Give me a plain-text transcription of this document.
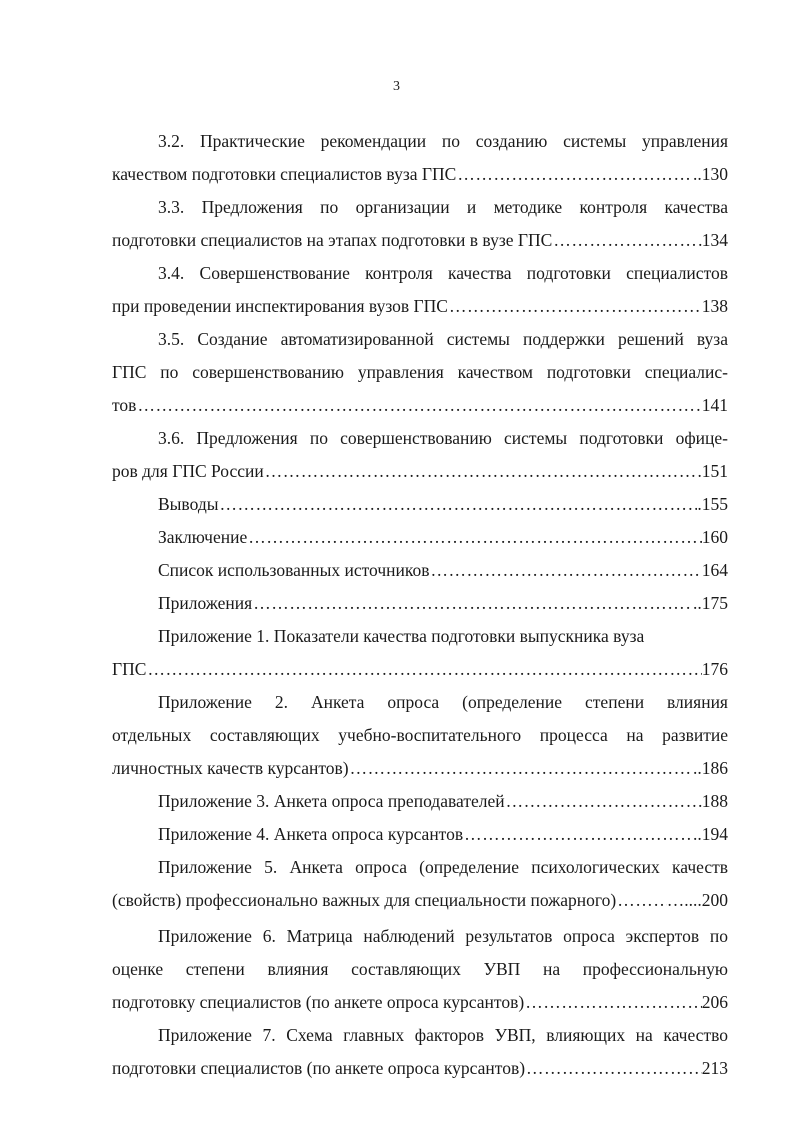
3
3.2. Практические рекомендации по созданию системы управления
качеством подготовки специалистов вуза ГПС ………………………………………………………………………………………………………………………………………………………………	..130
3.3. Предложения по организации и методике контроля качества
подготовки специалистов на этапах подготовки в вузе ГПС ………………………………………………………………………………………………………………………………………………………………	134
3.4. Совершенствование контроля качества подготовки специалистов
при проведении инспектирования вузов ГПС ………………………………………………………………………………………………………………………………………………………………	138
3.5. Создание автоматизированной системы поддержки решений вуза
ГПС по совершенствованию управления качеством подготовки специалис-
тов ………………………………………………………………………………………………………………………………………………………………	141
3.6. Предложения по совершенствованию системы подготовки офице-
ров для ГПС России ………………………………………………………………………………………………………………………………………………………………	151
Выводы ………………………………………………………………………………………………………………………………………………………………	.155
Заключение ………………………………………………………………………………………………………………………………………………………………	160
Список использованных источников ………………………………………………………………………………………………………………………………………………………………	164
Приложения ………………………………………………………………………………………………………………………………………………………………	..175
Приложение 1. Показатели качества подготовки выпускника вуза
ГПС ………………………………………………………………………………………………………………………………………………………………	176
Приложение 2. Анкета опроса (определение степени влияния
отдельных составляющих учебно-воспитательного процесса на развитие
личностных качеств курсантов) ………………………………………………………………………………………………………………………………………………………………	..186
Приложение 3. Анкета опроса преподавателей ………………………………………………………………………………………………………………………………………………………………	188
Приложение 4. Анкета опроса курсантов ………………………………………………………………………………………………………………………………………………………………	..194
Приложение 5. Анкета опроса (определение психологических качеств
(свойств) профессионально важных для специальности пожарного) ………………………………………………………………………………………………………………………………………………………………	…....200
Приложение 6. Матрица наблюдений результатов опроса экспертов по
оценке степени влияния составляющих УВП на профессиональную
подготовку специалистов (по анкете опроса курсантов) ………………………………………………………………………………………………………………………………………………………………	206
Приложение 7. Схема главных факторов УВП, влияющих на качество
подготовки специалистов (по анкете опроса курсантов) ………………………………………………………………………………………………………………………………………………………………	213
